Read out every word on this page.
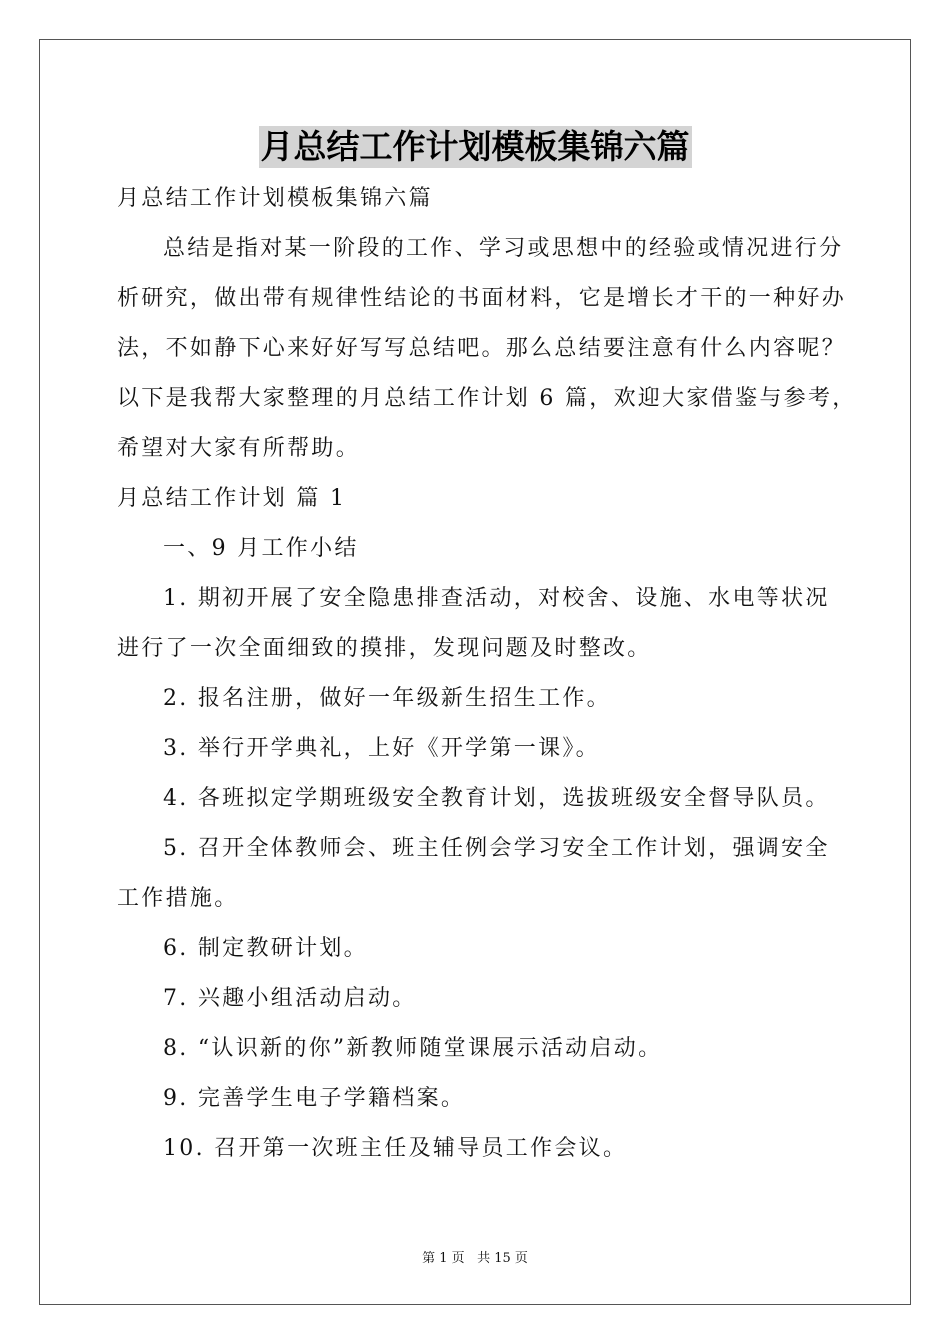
月总结工作计划模板集锦六篇
月总结工作计划模板集锦六篇
总结是指对某一阶段的工作、学习或思想中的经验或情况进行分
析研究，做出带有规律性结论的书面材料，它是增长才干的一种好办
法，不如静下心来好好写写总结吧。那么总结要注意有什么内容呢？
以下是我帮大家整理的月总结工作计划 6 篇，欢迎大家借鉴与参考，
希望对大家有所帮助。
月总结工作计划 篇 1
一、9 月工作小结
1. 期初开展了安全隐患排查活动，对校舍、设施、水电等状况
进行了一次全面细致的摸排，发现问题及时整改。
2. 报名注册，做好一年级新生招生工作。
3. 举行开学典礼，上好《开学第一课》。
4. 各班拟定学期班级安全教育计划，选拔班级安全督导队员。
5. 召开全体教师会、班主任例会学习安全工作计划，强调安全
工作措施。
6. 制定教研计划。
7. 兴趣小组活动启动。
8. “认识新的你”新教师随堂课展示活动启动。
9. 完善学生电子学籍档案。
10. 召开第一次班主任及辅导员工作会议。
第 1 页 共 15 页
